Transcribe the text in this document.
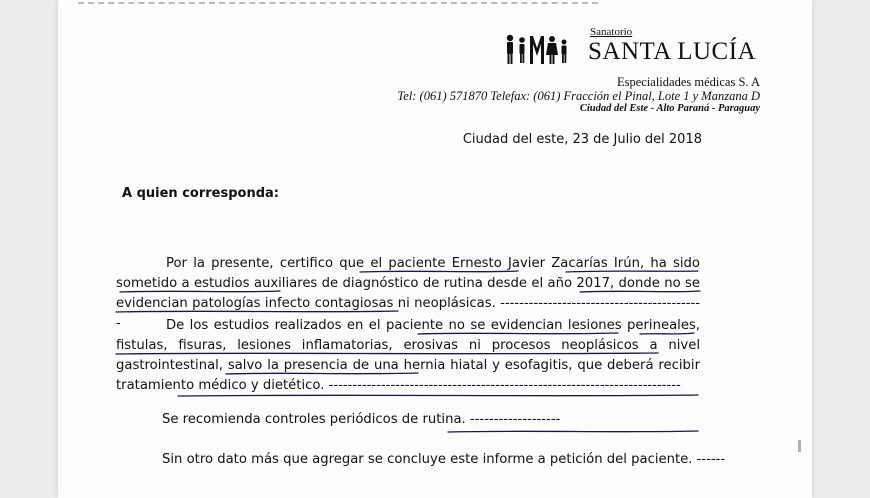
Sanatorio
SANTA LUCÍA
Especialidades médicas S. A
Tel: (061) 571870 Telefax: (061) Fracción el Pinal, Lote 1 y Manzana D
Ciudad del Este - Alto Paraná - Paraguay
Ciudad del este, 23 de Julio del 2018
A quien corresponda:
Por la presente, certifico que el paciente Ernesto Javier Zacarías Irún, ha sido sometido a estudios auxiliares de diagnóstico de rutina desde el año 2017, donde no se evidencian patologías infecto contagiosas ni neoplásicas. -------------------------------------------	De los estudios realizados en el paciente no se evidencian lesiones perineales, fistulas, fisuras, lesiones inflamatorias, erosivas ni procesos neoplásicos a nivel gastrointestinal, salvo la presencia de una hernia hiatal y esofagitis, que deberá recibir tratamiento médico y dietético. --------------------------------------------------------------------------
Se recomienda controles periódicos de rutina. -------------------
Sin otro dato más que agregar se concluye este informe a petición del paciente. ------
